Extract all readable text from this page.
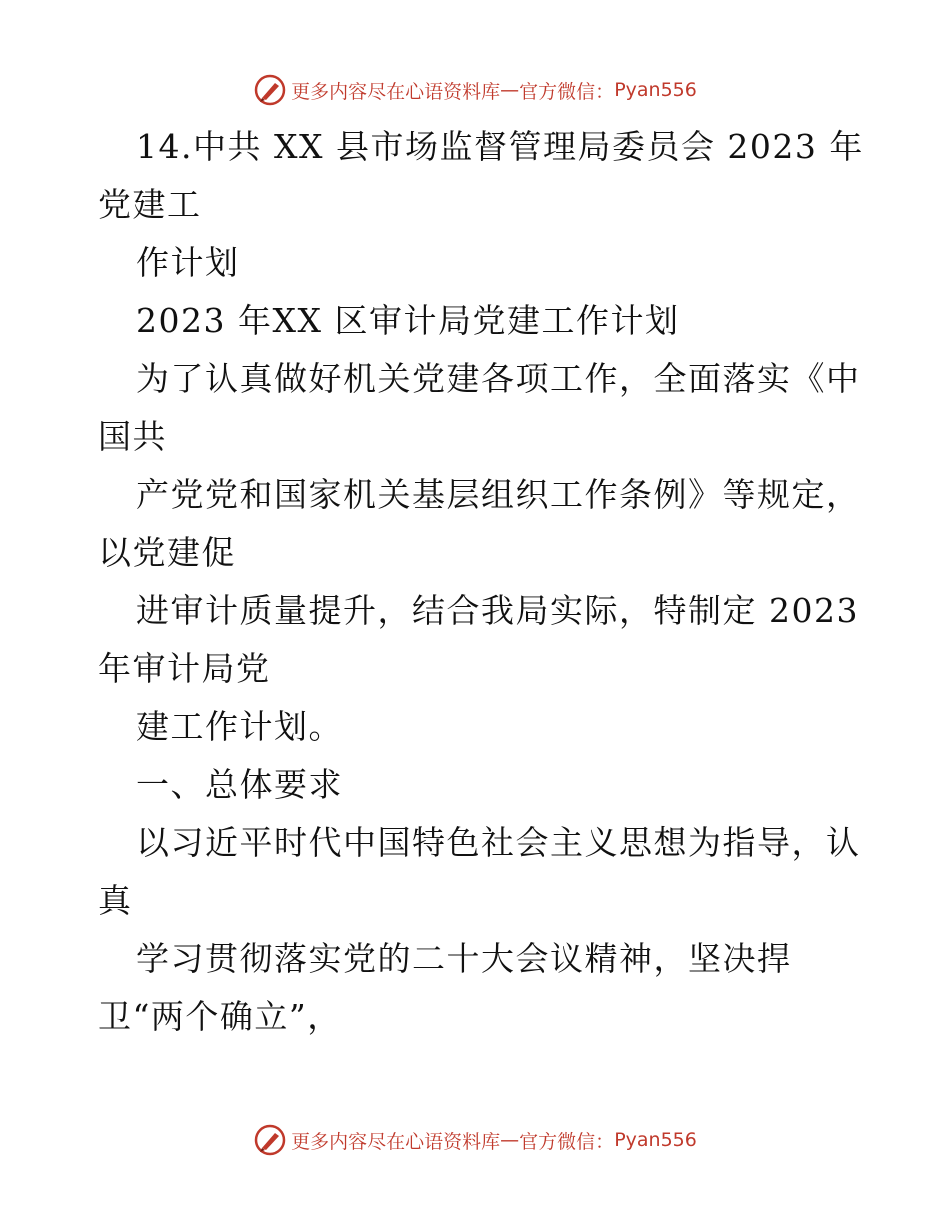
更多内容尽在心语资料库 — 官方微信： Pyan556
14.中共 XX 县市场监督管理局委员会 2023 年
党建工
作计划
2023 年XX 区审计局党建工作计划
为了认真做好机关党建各项工作，全面落实《中
国共
产党党和国家机关基层组织工作条例》等规定，
以党建促
进审计质量提升，结合我局实际，特制定 2023
年审计局党
建工作计划。
一、总体要求
以习近平时代中国特色社会主义思想为指导，认
真
学习贯彻落实党的二十大会议精神，坚决捍
卫“两个确立”，
更多内容尽在心语资料库 — 官方微信： Pyan556
